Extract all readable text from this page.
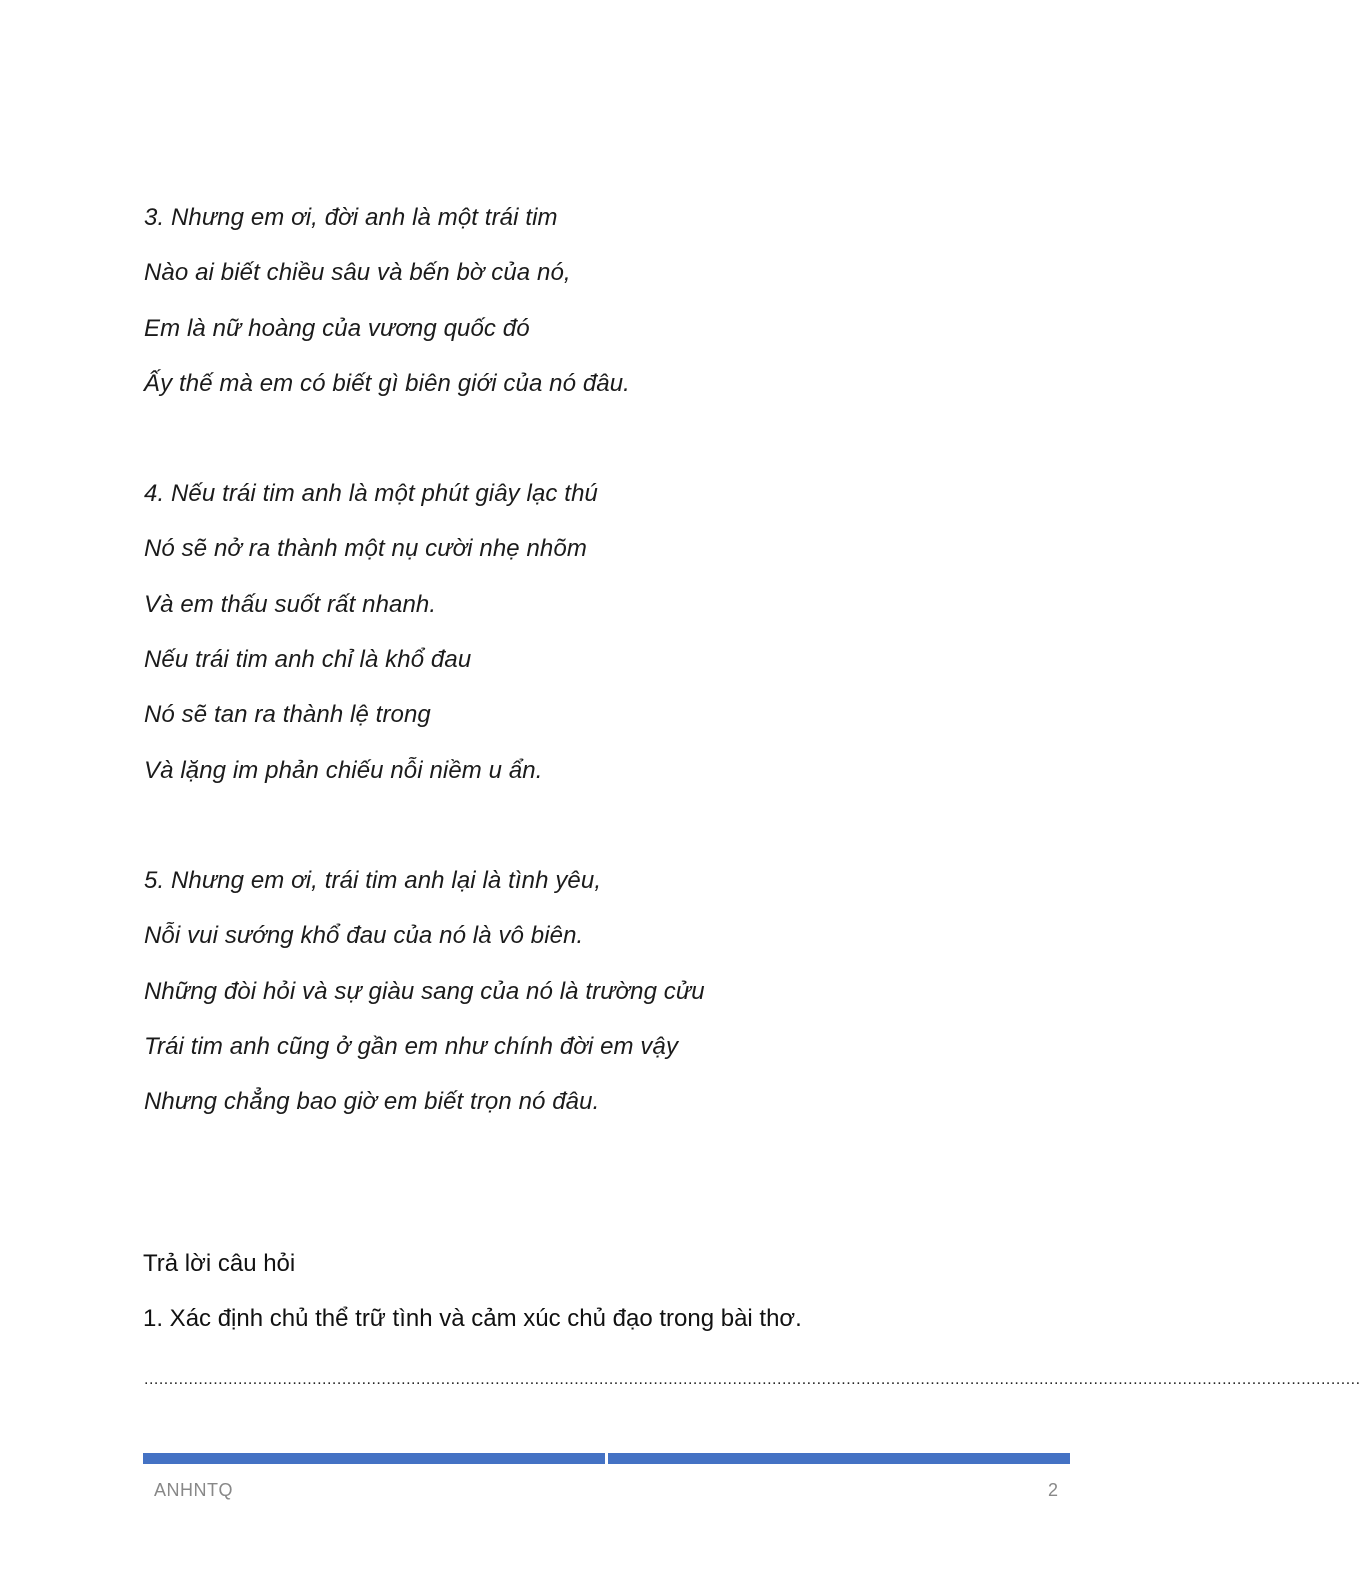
3. Nhưng em ơi, đời anh là một trái tim
Nào ai biết chiều sâu và bến bờ của nó,
Em là nữ hoàng của vương quốc đó
Ấy thế mà em có biết gì biên giới của nó đâu.
4. Nếu trái tim anh là một phút giây lạc thú
Nó sẽ nở ra thành một nụ cười nhẹ nhõm
Và em thấu suốt rất nhanh.
Nếu trái tim anh chỉ là khổ đau
Nó sẽ tan ra thành lệ trong
Và lặng im phản chiếu nỗi niềm u ẩn.
5. Nhưng em ơi, trái tim anh lại là tình yêu,
Nỗi vui sướng khổ đau của nó là vô biên.
Những đòi hỏi và sự giàu sang của nó là trường cửu
Trái tim anh cũng ở gần em như chính đời em vậy
Nhưng chẳng bao giờ em biết trọn nó đâu.
Trả lời câu hỏi
1. Xác định chủ thể trữ tình và cảm xúc chủ đạo trong bài thơ.
......................................................................................................................................................................................................................................................
ANHNTQ	2
